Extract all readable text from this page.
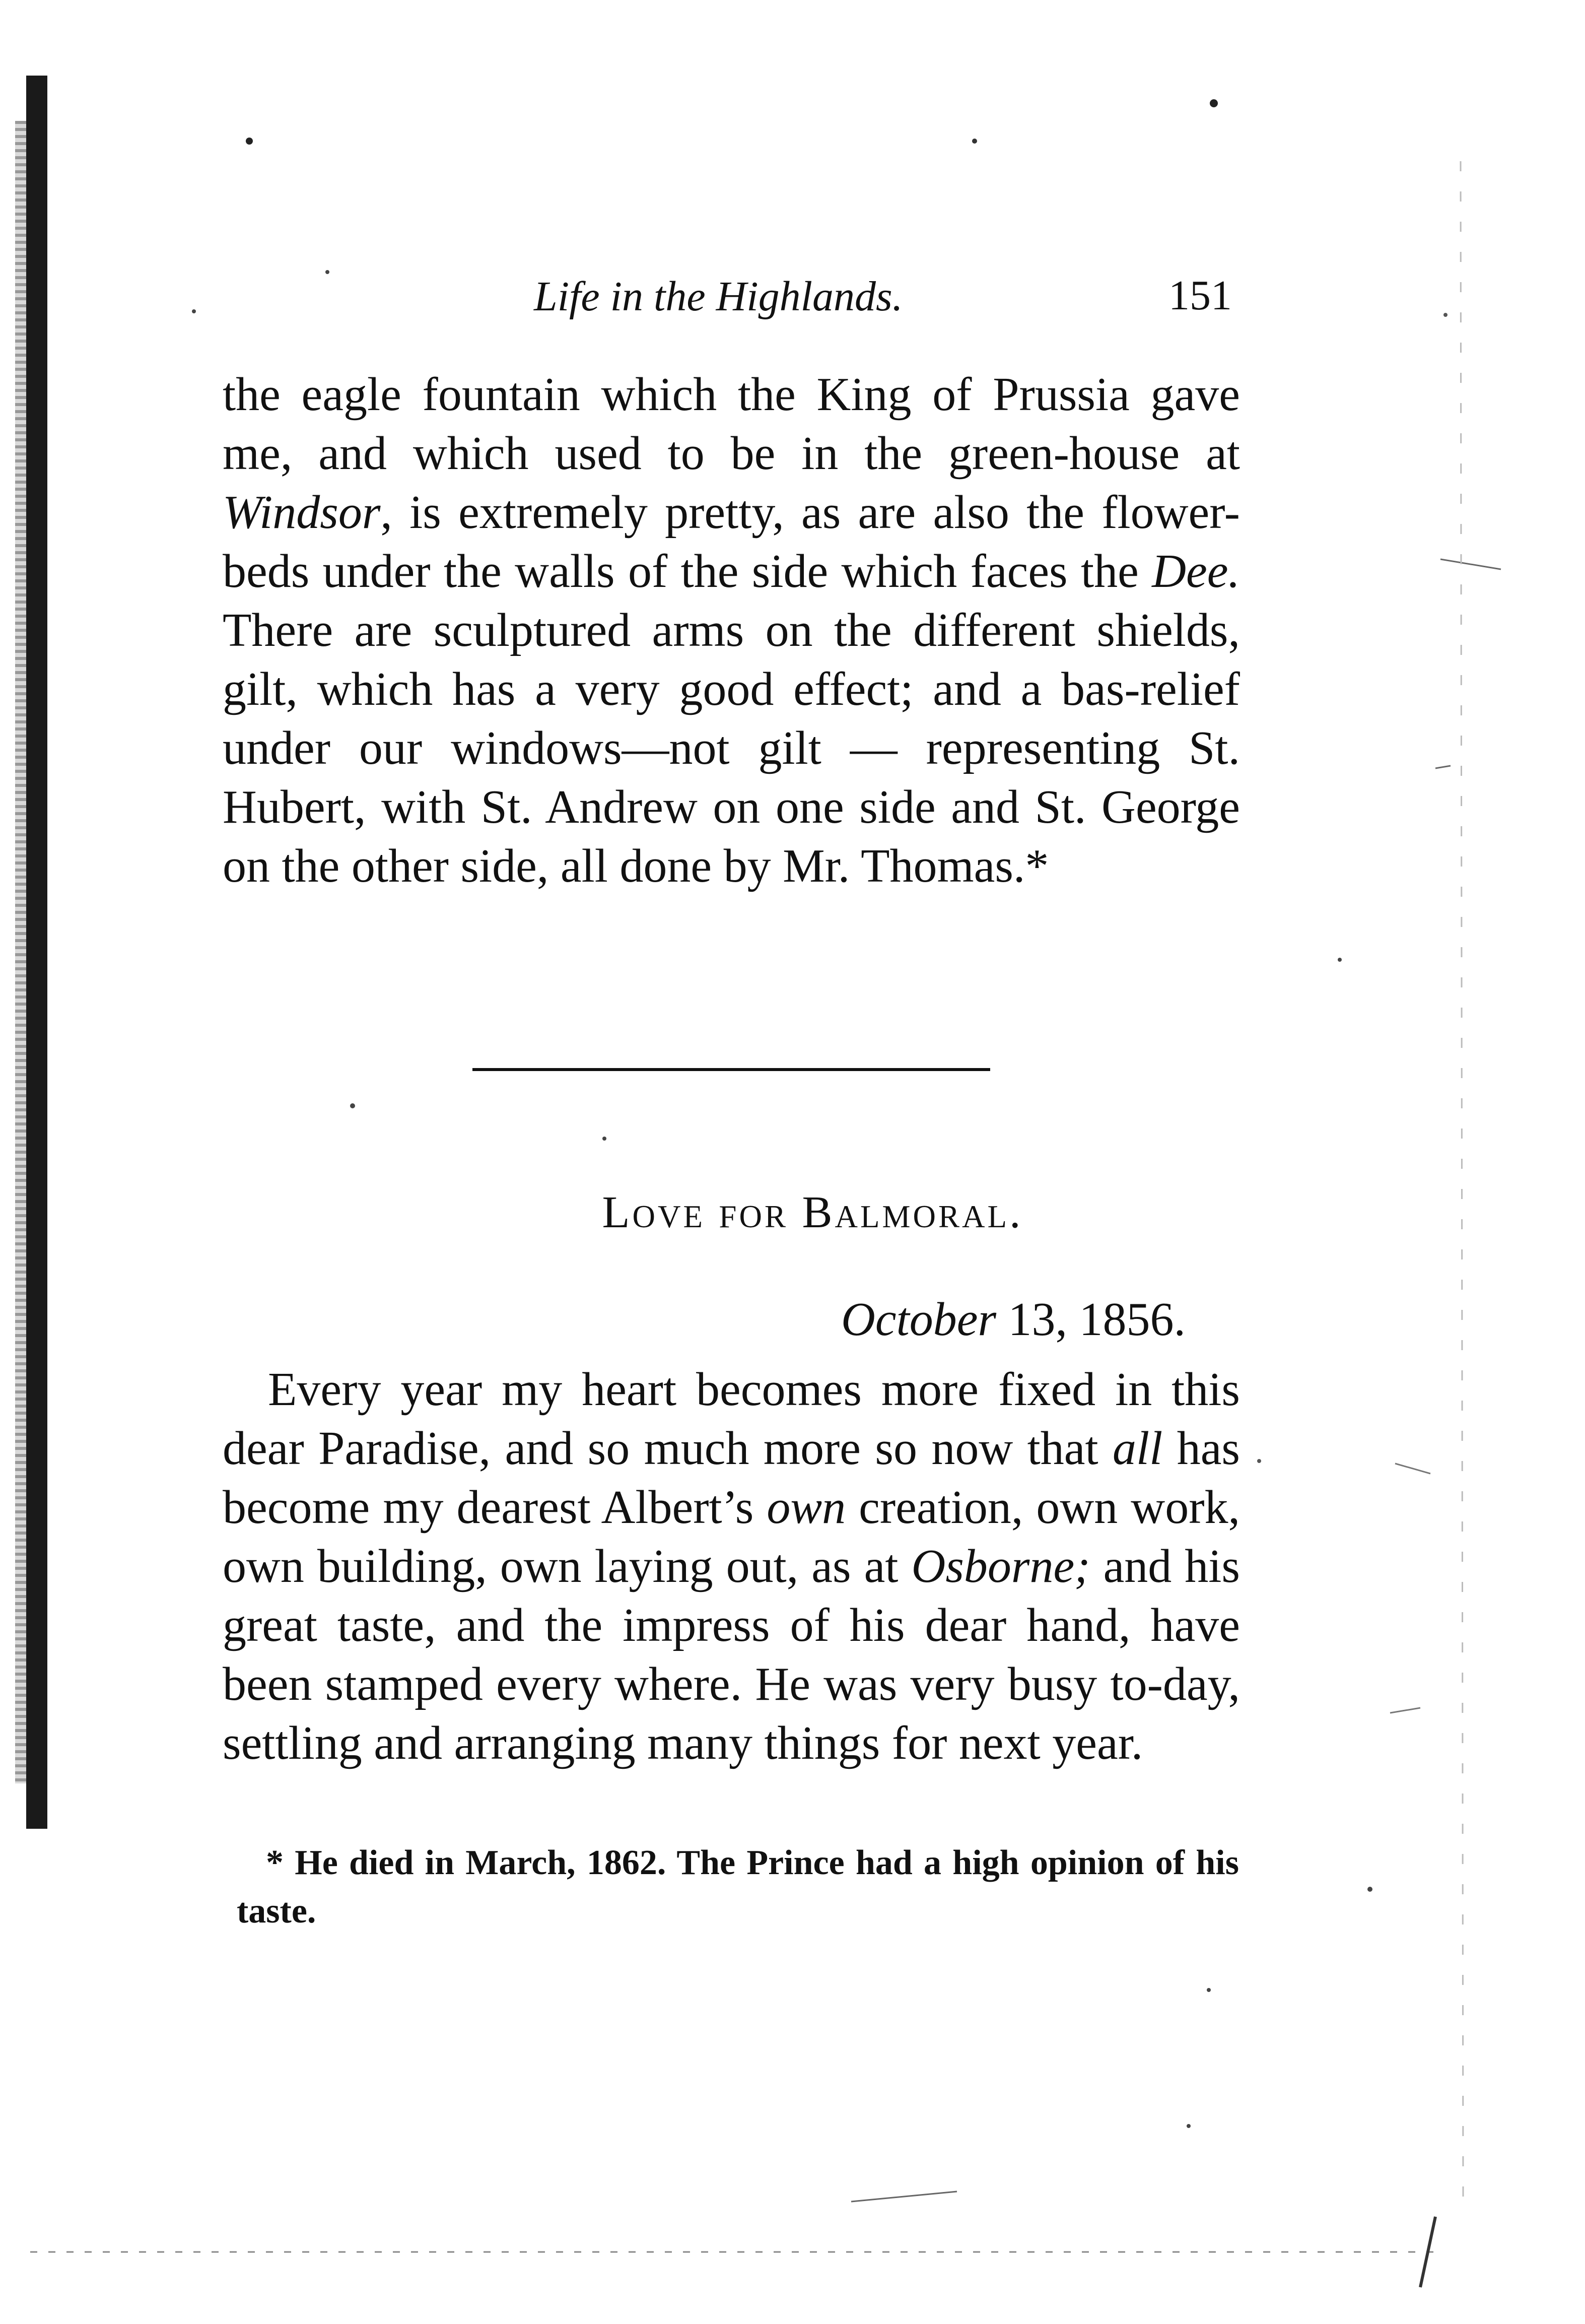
Life in the Highlands.	151

the eagle fountain which the King of Prussia gave me, and which used to be in the green-house at Windsor, is extremely pretty, as are also the flower-beds under the walls of the side which faces the Dee. There are sculptured arms on the different shields, gilt, which has a very good effect; and a bas-relief under our windows—not gilt — representing St. Hubert, with St. Andrew on one side and St. George on the other side, all done by Mr. Thomas.*

Love for Balmoral.
October 13, 1856.

Every year my heart becomes more fixed in this dear Paradise, and so much more so now that all has become my dearest Albert’s own creation, own work, own building, own laying out, as at Osborne; and his great taste, and the impress of his dear hand, have been stamped every where. He was very busy to-day, settling and arranging many things for next year.

* He died in March, 1862. The Prince had a high opinion of his taste.
